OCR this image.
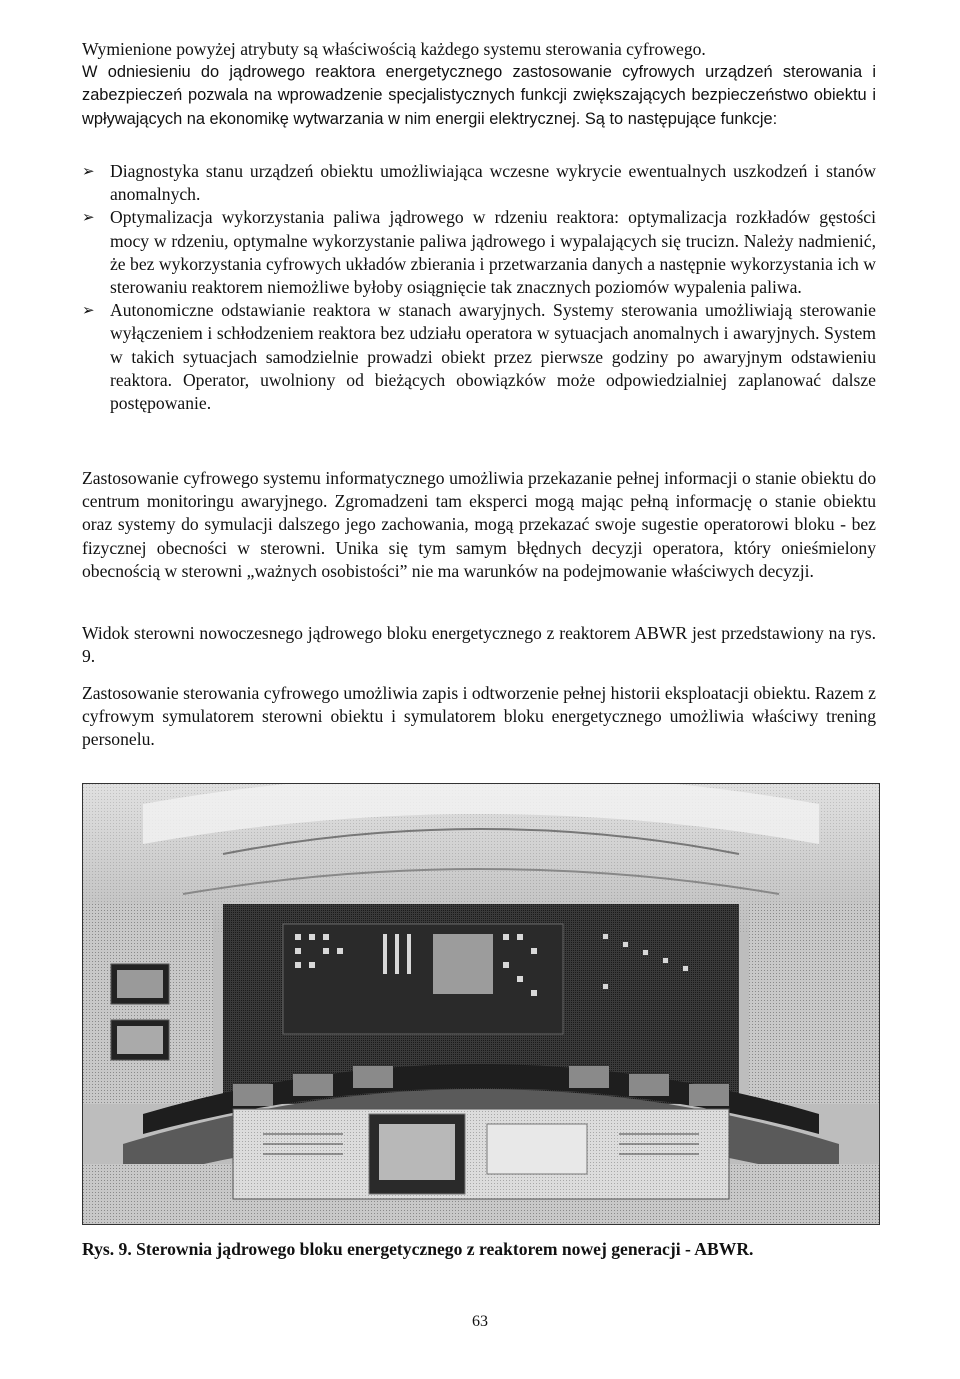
Wymienione powyżej atrybuty są właściwością każdego systemu sterowania cyfrowego.

W odniesieniu do jądrowego reaktora energetycznego zastosowanie cyfrowych urządzeń sterowania i zabezpieczeń pozwala na wprowadzenie specjalistycznych funkcji zwiększających bezpieczeństwo obiektu i wpływających na ekonomikę wytwarzania w nim energii elektrycznej. Są to następujące funkcje:

➢ Diagnostyka stanu urządzeń obiektu umożliwiająca wczesne wykrycie ewentualnych uszkodzeń i stanów anomalnych.

➢ Optymalizacja wykorzystania paliwa jądrowego w rdzeniu reaktora: optymalizacja rozkładów gęstości mocy w rdzeniu, optymalne wykorzystanie paliwa jądrowego i wypalających się trucizn. Należy nadmienić, że bez wykorzystania cyfrowych układów zbierania i przetwarzania danych a następnie wykorzystania ich w sterowaniu reaktorem niemożliwe byłoby osiągnięcie tak znacznych poziomów wypalenia paliwa.

➢ Autonomiczne odstawianie reaktora w stanach awaryjnych. Systemy sterowania umożliwiają sterowanie wyłączeniem i schłodzeniem reaktora bez udziału operatora w sytuacjach anomalnych i awaryjnych. System w takich sytuacjach samodzielnie prowadzi obiekt przez pierwsze godziny po awaryjnym odstawieniu reaktora. Operator, uwolniony od bieżących obowiązków może odpowiedzialniej zaplanować dalsze postępowanie.

Zastosowanie cyfrowego systemu informatycznego umożliwia przekazanie pełnej informacji o stanie obiektu do centrum monitoringu awaryjnego. Zgromadzeni tam eksperci mogą mając pełną informację o stanie obiektu oraz systemy do symulacji dalszego jego zachowania, mogą przekazać swoje sugestie operatorowi bloku - bez fizycznej obecności w sterowni. Unika się tym samym błędnych decyzji operatora, który onieśmielony obecnością w sterowni „ważnych osobistości” nie ma warunków na podejmowanie właściwych decyzji.

Widok sterowni nowoczesnego jądrowego bloku energetycznego z reaktorem ABWR jest przedstawiony na rys. 9.

Zastosowanie sterowania cyfrowego umożliwia zapis i odtworzenie pełnej historii eksploatacji obiektu. Razem z cyfrowym symulatorem sterowni obiektu i symulatorem bloku energetycznego umożliwia właściwy trening personelu.

Rys. 9. Sterownia jądrowego bloku energetycznego z reaktorem nowej generacji - ABWR.
63
